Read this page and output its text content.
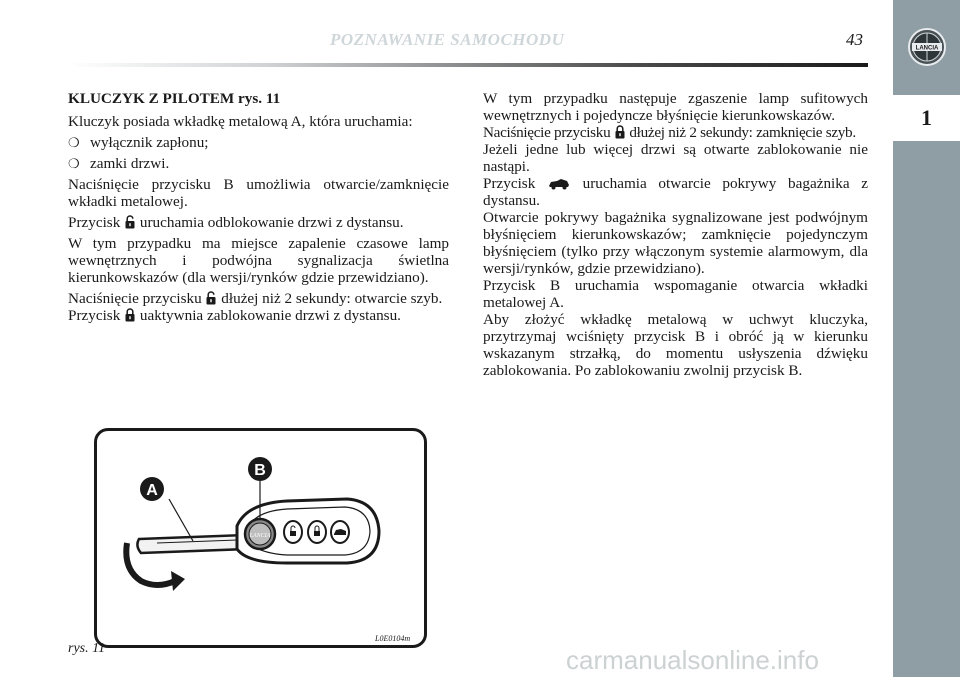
LANCIA
1
POZNAWANIE SAMOCHODU	43

KLUCZYK Z PILOTEM rys. 11

Kluczyk posiada wkładkę metalową A, która uruchamia:

❍ wyłącznik zapłonu;
❍ zamki drzwi.

Naciśnięcie przycisku B umożliwia otwarcie/zamknięcie wkładki metalowej.

Przycisk uruchamia odblokowanie drzwi z dystansu.

W tym przypadku ma miejsce zapalenie czasowe lamp wewnętrznych i podwójna sygnalizacja świetlna kierunkowskazów (dla wersji/rynków gdzie przewidziano).

Naciśnięcie przycisku dłużej niż 2 sekundy: otwarcie szyb.

Przycisk uaktywnia zablokowanie drzwi z dystansu.

W tym przypadku następuje zgaszenie lamp sufitowych wewnętrznych i pojedyncze błyśnięcie kierunkowskazów.

Naciśnięcie przycisku dłużej niż 2 sekundy: zamknięcie szyb.

Jeżeli jedne lub więcej drzwi są otwarte zablokowanie nie nastąpi.

Przycisk	uruchamia otwarcie pokrywy bagażnika z dystansu.

Otwarcie pokrywy bagażnika sygnalizowane jest podwójnym błyśnięciem kierunkowskazów; zamknięcie pojedynczym błyśnięciem (tylko przy włączonym systemie alarmowym, dla wersji/rynków, gdzie przewidziano).

Przycisk B uruchamia wspomaganie otwarcia wkładki metalowej A.

Aby złożyć wkładkę metalową w uchwyt kluczyka, przytrzymaj wciśnięty przycisk B i obróć ją w kierunku wskazanym strzałką, do momentu usłyszenia dźwięku zablokowania. Po zablokowaniu zwolnij przycisk B.

LANCIA
A
B
rys. 11
L0E0104m
carmanualsonline.info
